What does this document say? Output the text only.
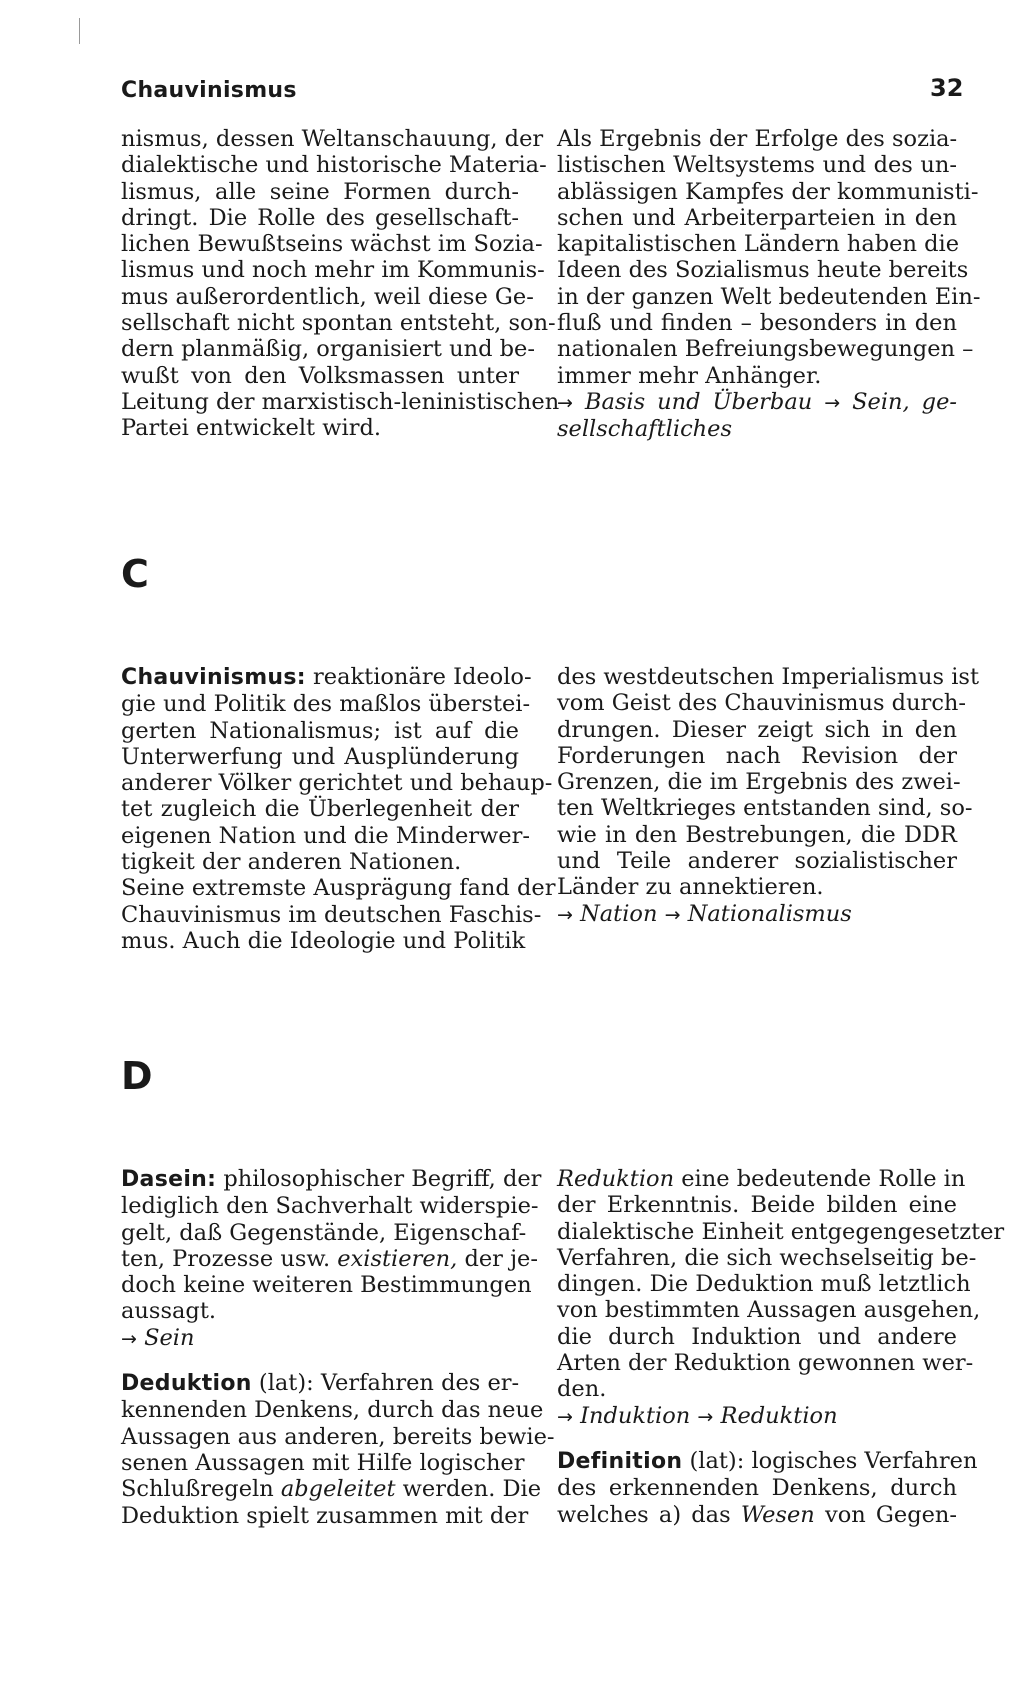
Chauvinismus	32
nismus, dessen Weltanschauung, der
dialektische und historische Materia-
lismus, alle seine Formen durch-
dringt. Die Rolle des gesellschaft-
lichen Bewußtseins wächst im Sozia-
lismus und noch mehr im Kommunis-
mus außerordentlich, weil diese Ge-
sellschaft nicht spontan entsteht, son-
dern planmäßig, organisiert und be-
wußt von den Volksmassen unter
Leitung der marxistisch-leninistischen
Partei entwickelt wird.
Als Ergebnis der Erfolge des sozia-
listischen Weltsystems und des un-
ablässigen Kampfes der kommunisti-
schen und Arbeiterparteien in den
kapitalistischen Ländern haben die
Ideen des Sozialismus heute bereits
in der ganzen Welt bedeutenden Ein-
fluß und finden – besonders in den
nationalen Befreiungsbewegungen –
immer mehr Anhänger.
→ Basis und Überbau → Sein, ge-
sellschaftliches
C
Chauvinismus: reaktionäre Ideolo-
gie und Politik des maßlos überstei-
gerten Nationalismus; ist auf die
Unterwerfung und Ausplünderung
anderer Völker gerichtet und behaup-
tet zugleich die Überlegenheit der
eigenen Nation und die Minderwer-
tigkeit der anderen Nationen.
Seine extremste Ausprägung fand der
Chauvinismus im deutschen Faschis-
mus. Auch die Ideologie und Politik
des westdeutschen Imperialismus ist
vom Geist des Chauvinismus durch-
drungen. Dieser zeigt sich in den
Forderungen nach Revision der
Grenzen, die im Ergebnis des zwei-
ten Weltkrieges entstanden sind, so-
wie in den Bestrebungen, die DDR
und Teile anderer sozialistischer
Länder zu annektieren.
→ Nation → Nationalismus
D
Dasein: philosophischer Begriff, der
lediglich den Sachverhalt widerspie-
gelt, daß Gegenstände, Eigenschaf-
ten, Prozesse usw. existieren, der je-
doch keine weiteren Bestimmungen
aussagt.
→ Sein
Deduktion (lat): Verfahren des er-
kennenden Denkens, durch das neue
Aussagen aus anderen, bereits bewie-
senen Aussagen mit Hilfe logischer
Schlußregeln abgeleitet werden. Die
Deduktion spielt zusammen mit der
Reduktion eine bedeutende Rolle in
der Erkenntnis. Beide bilden eine
dialektische Einheit entgegengesetzter
Verfahren, die sich wechselseitig be-
dingen. Die Deduktion muß letztlich
von bestimmten Aussagen ausgehen,
die durch Induktion und andere
Arten der Reduktion gewonnen wer-
den.
→ Induktion → Reduktion
Definition (lat): logisches Verfahren
des erkennenden Denkens, durch
welches a) das Wesen von Gegen-
